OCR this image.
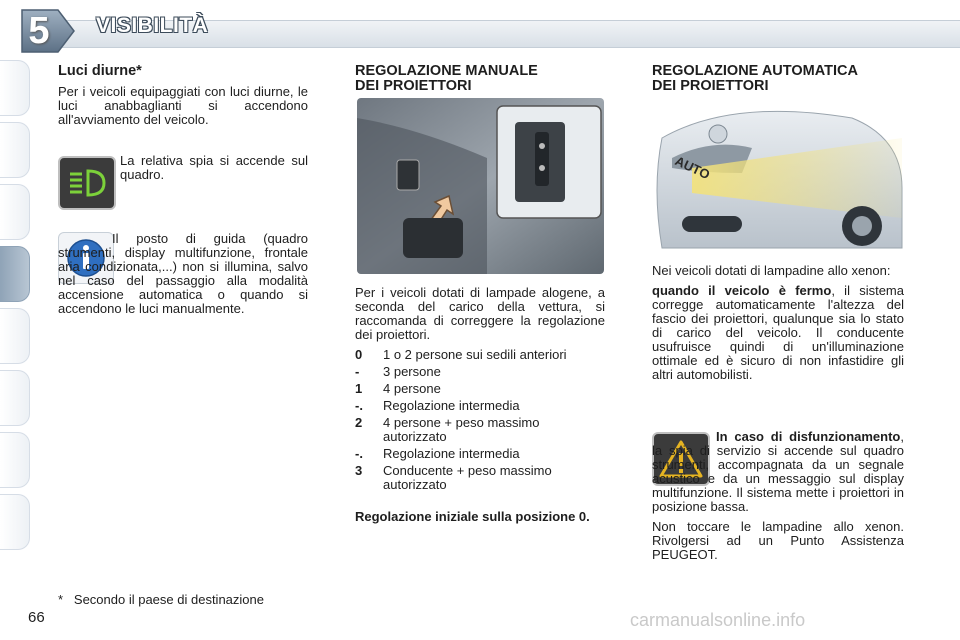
5	VISIBILITÀ
Luci diurne*

Per i veicoli equipaggiati con luci diurne, le luci anabbaglianti si accendono all'avviamento del veicolo.

La relativa spia si accende sul quadro.

Il posto di guida (quadro strumenti, display multifunzione, frontale aria condizionata,...) non si illumina, salvo nel caso del passaggio alla modalità accensione automatica o quando si accendono le luci manualmente.

REGOLAZIONE MANUALE
DEI PROIETTORI

Per i veicoli dotati di lampade alogene, a seconda del carico della vettura, si raccomanda di correggere la regolazione dei proiettori.

0	1 o 2 persone sui sedili anteriori
-	3 persone
1	4 persone
-.	Regolazione intermedia
2	4 persone + peso massimo autorizzato
-.	Regolazione intermedia
3	Conducente + peso massimo autorizzato

Regolazione iniziale sulla posizione 0.

REGOLAZIONE AUTOMATICA
DEI PROIETTORI
AUTO

Nei veicoli dotati di lampadine allo xenon:

quando il veicolo è fermo, il sistema corregge automaticamente l'altezza del fascio dei proiettori, qualunque sia lo stato di carico del veicolo. Il conducente usufruisce quindi di un'illuminazione ottimale ed è sicuro di non infastidire gli altri automobilisti.

In caso di disfunzionamento, la spia di servizio si accende sul quadro strumenti, accompagnata da un segnale acustico e da un messaggio sul display multifunzione. Il sistema mette i proiettori in posizione bassa.

Non toccare le lampadine allo xenon. Rivolgersi ad un Punto Assistenza PEUGEOT.

* Secondo il paese di destinazione
66	carmanualsonline.info
